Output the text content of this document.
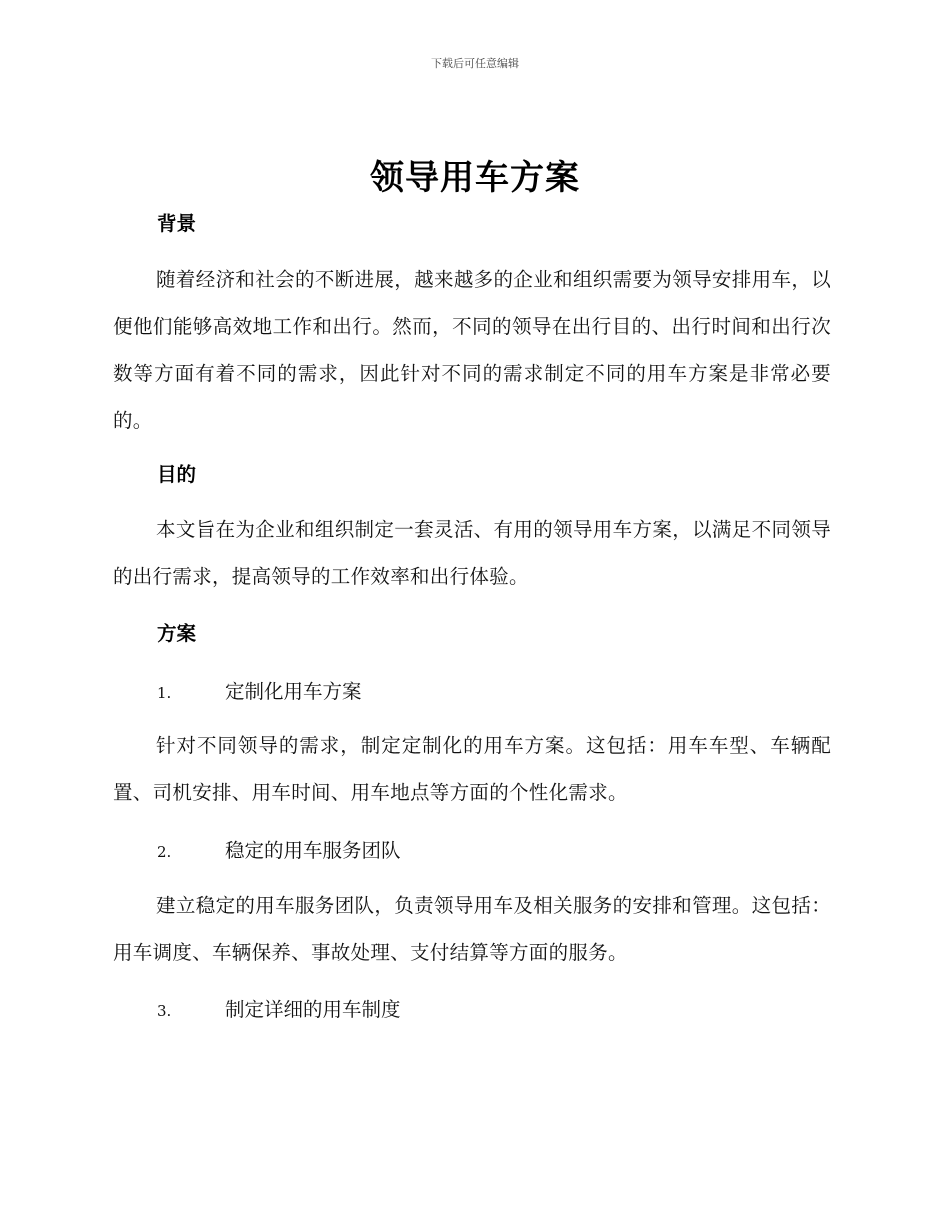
下载后可任意编辑
领导用车方案
背景

随着经济和社会的不断进展，越来越多的企业和组织需要为领导安排用车，以便他们能够高效地工作和出行。然而，不同的领导在出行目的、出行时间和出行次数等方面有着不同的需求，因此针对不同的需求制定不同的用车方案是非常必要的。

目的

本文旨在为企业和组织制定一套灵活、有用的领导用车方案，以满足不同领导的出行需求，提高领导的工作效率和出行体验。

方案
1.	定制化用车方案

针对不同领导的需求，制定定制化的用车方案。这包括：用车车型、车辆配置、司机安排、用车时间、用车地点等方面的个性化需求。

2.	稳定的用车服务团队

建立稳定的用车服务团队，负责领导用车及相关服务的安排和管理。这包括：用车调度、车辆保养、事故处理、支付结算等方面的服务。

3.	制定详细的用车制度
